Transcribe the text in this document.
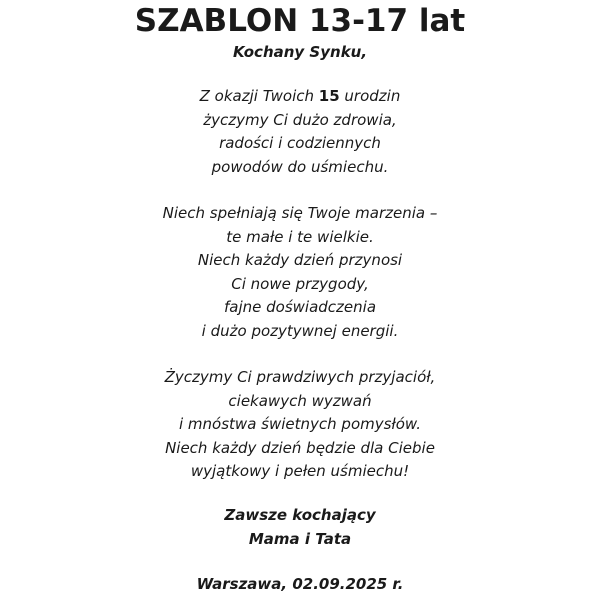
SZABLON 13-17 lat
Kochany Synku,
Z okazji Twoich 15 urodzin
życzymy Ci dużo zdrowia,
radości i codziennych
powodów do uśmiechu.
Niech spełniają się Twoje marzenia –
te małe i te wielkie.
Niech każdy dzień przynosi
Ci nowe przygody,
fajne doświadczenia
i dużo pozytywnej energii.
Życzymy Ci prawdziwych przyjaciół,
ciekawych wyzwań
i mnóstwa świetnych pomysłów.
Niech każdy dzień będzie dla Ciebie
wyjątkowy i pełen uśmiechu!
Zawsze kochający
Mama i Tata
Warszawa, 02.09.2025 r.
